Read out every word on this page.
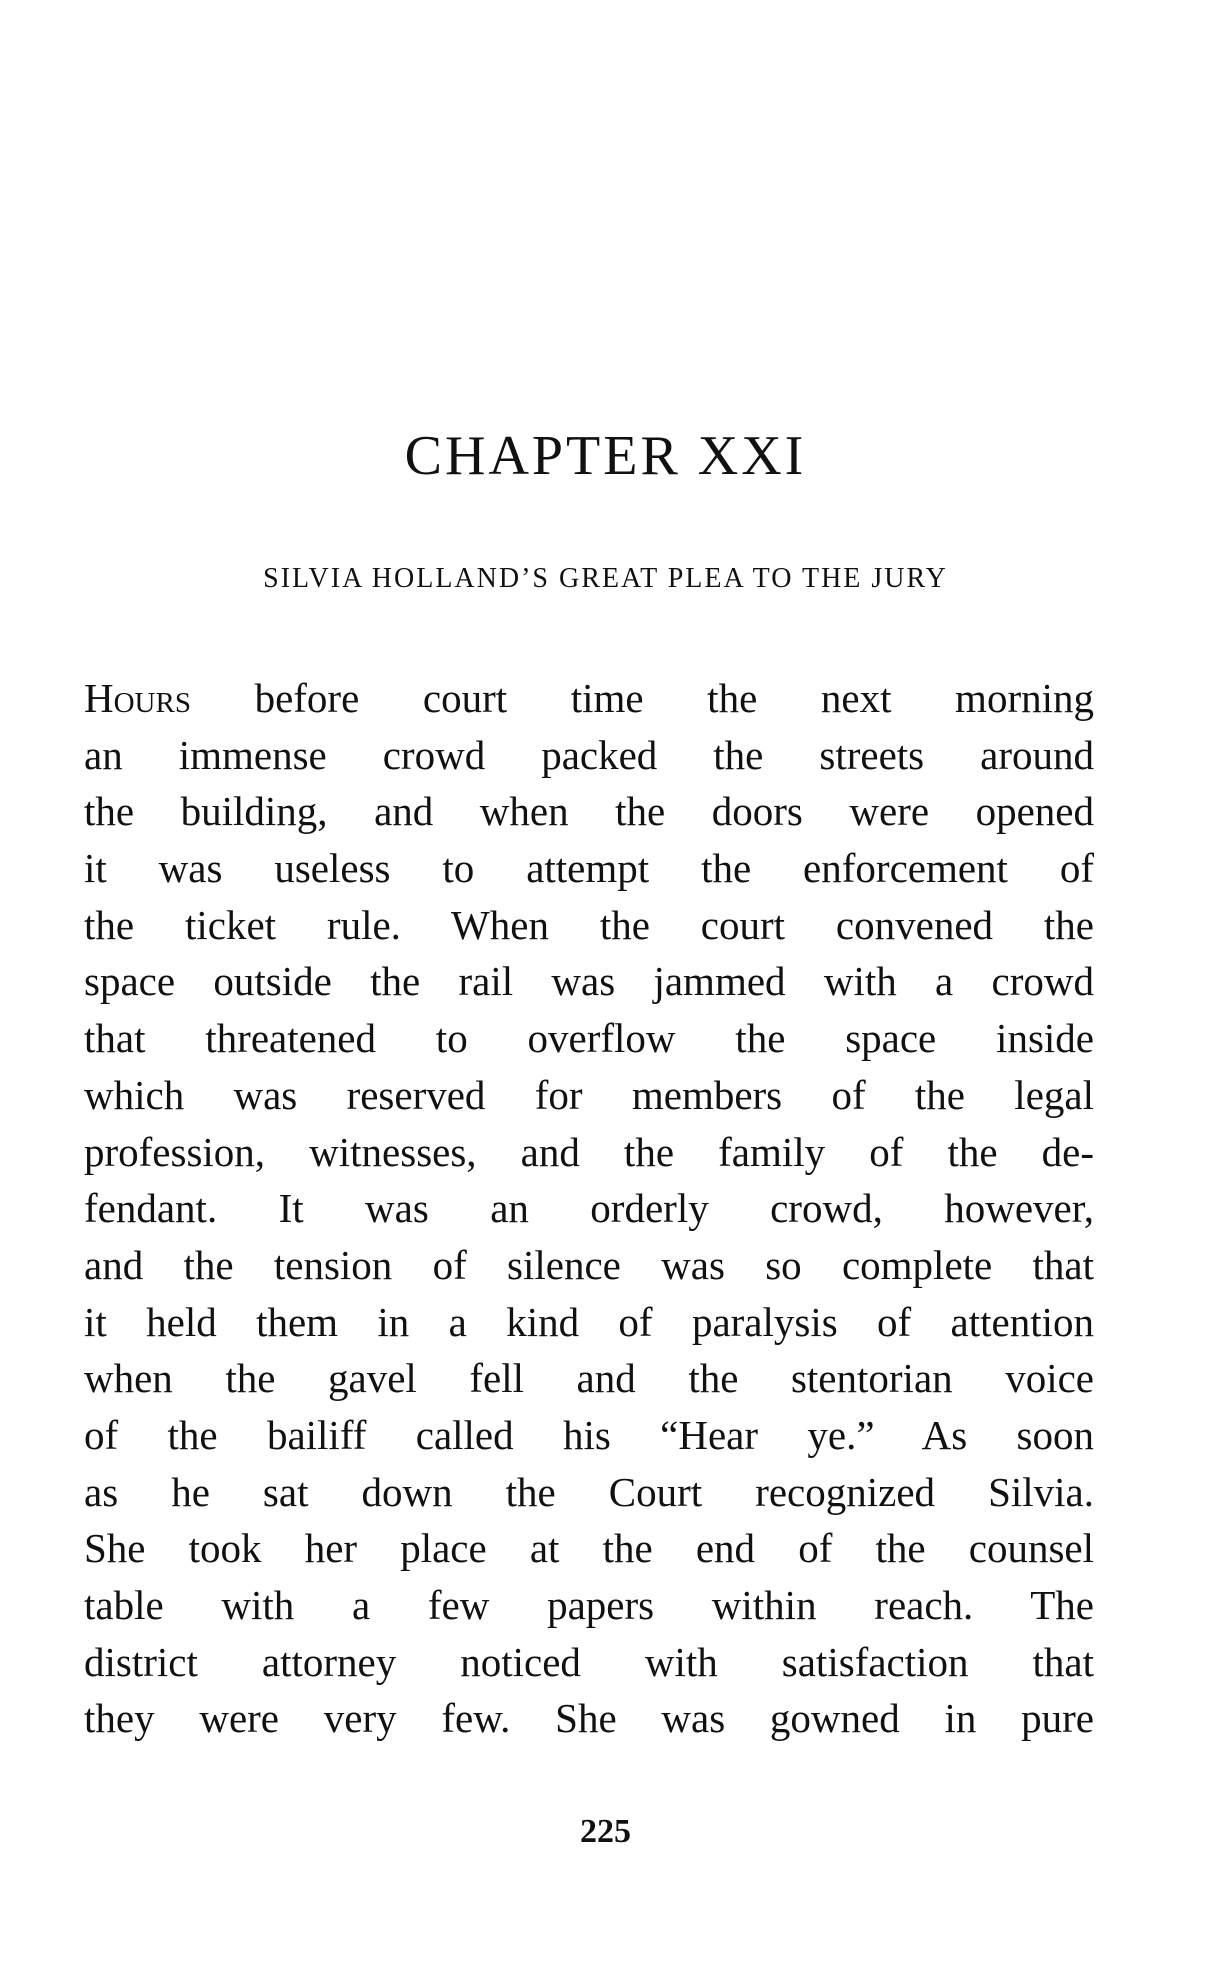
CHAPTER XXI
SILVIA HOLLAND’S GREAT PLEA TO THE JURY
Hours before court time the next morning
an immense crowd packed the streets around
the building, and when the doors were opened
it was useless to attempt the enforcement of
the ticket rule. When the court convened the
space outside the rail was jammed with a crowd
that threatened to overflow the space inside
which was reserved for members of the legal
profession, witnesses, and the family of the de-
fendant. It was an orderly crowd, however,
and the tension of silence was so complete that
it held them in a kind of paralysis of attention
when the gavel fell and the stentorian voice
of the bailiff called his “Hear ye.” As soon
as he sat down the Court recognized Silvia.
She took her place at the end of the counsel
table with a few papers within reach. The
district attorney noticed with satisfaction that
they were very few. She was gowned in pure
225
